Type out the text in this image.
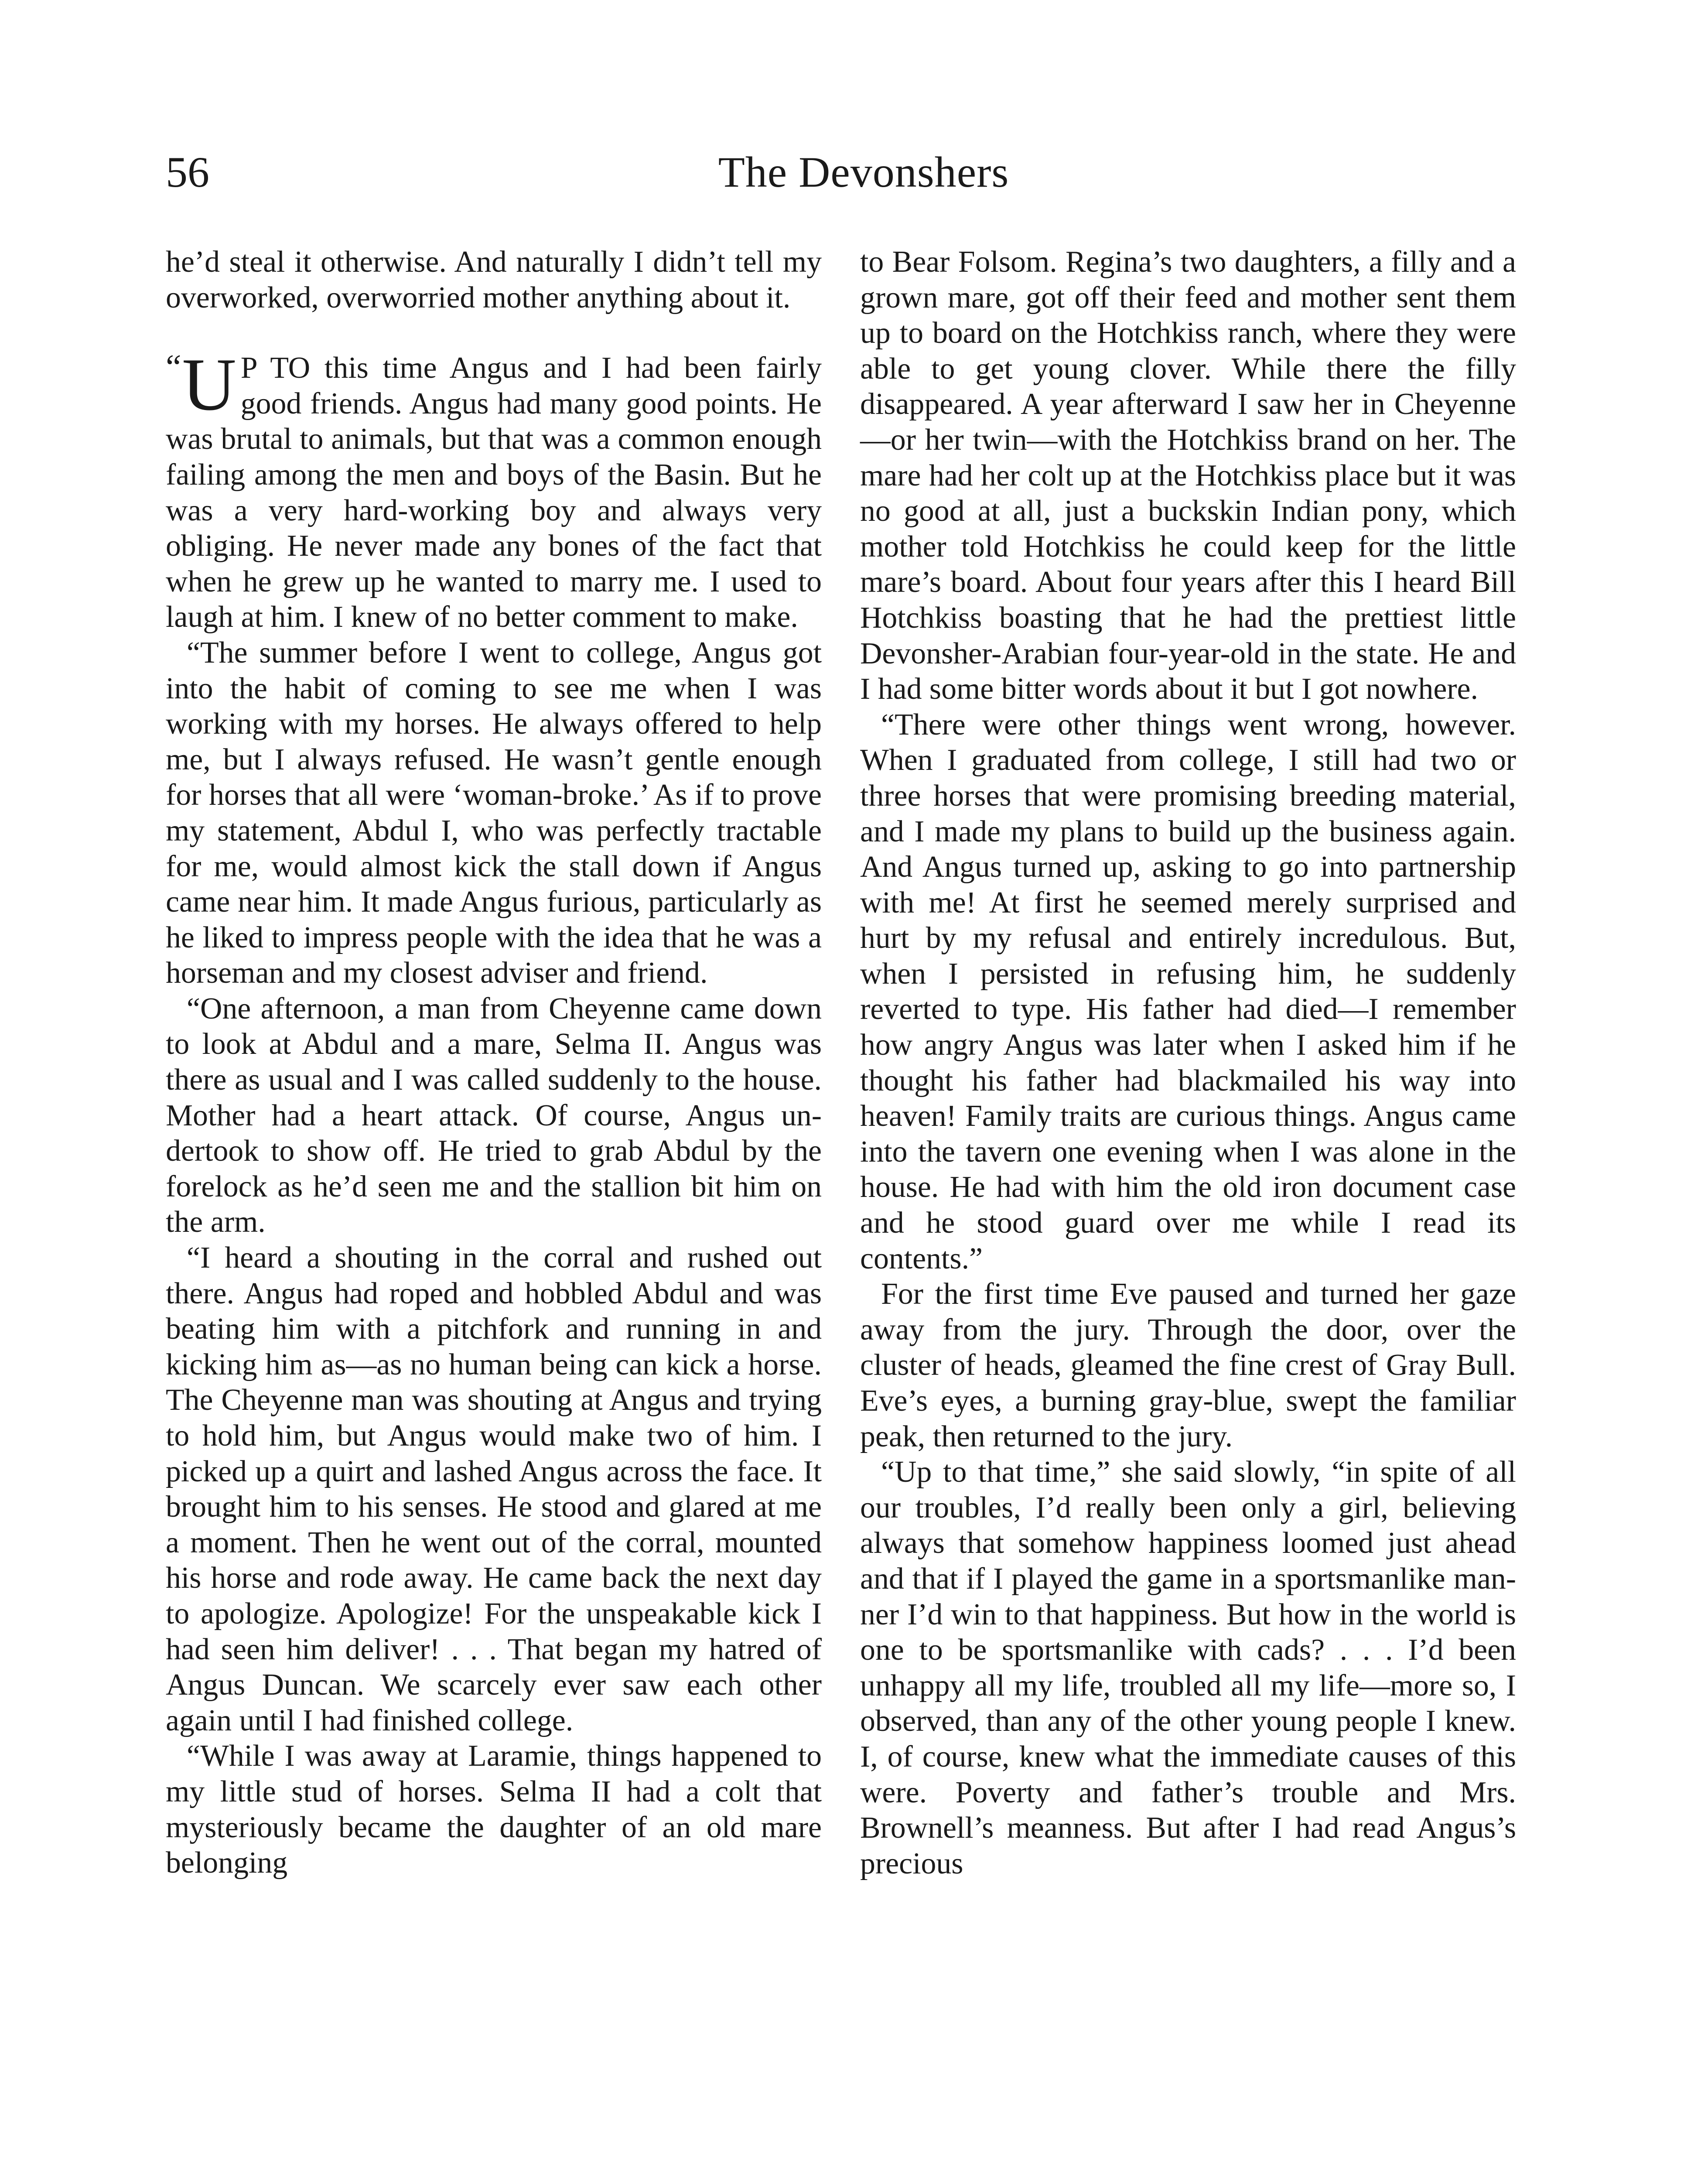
56	The Devonshers

he’d steal it otherwise. And naturally I didn’t tell my overworked, overworried mother anything about it.

“ U P TO this time Angus and I had been fairly good friends. Angus had many good points. He was brutal to animals, but that was a common enough failing among the men and boys of the Basin. But he was a very hard-working boy and always very obliging. He never made any bones of the fact that when he grew up he wanted to marry me. I used to laugh at him. I knew of no better comment to make.

“The summer before I went to college, Angus got into the habit of coming to see me when I was working with my horses. He always offered to help me, but I always refused. He wasn’t gentle enough for horses that all were ‘woman-broke.’ As if to prove my statement, Abdul I, who was perfectly tractable for me, would almost kick the stall down if Angus came near him. It made Angus furious, particularly as he liked to impress people with the idea that he was a horseman and my closest adviser and friend.

“One afternoon, a man from Cheyenne came down to look at Abdul and a mare, Selma II. Angus was there as usual and I was called suddenly to the house. Mother had a heart attack. Of course, Angus undertook to show off. He tried to grab Abdul by the forelock as he’d seen me and the stallion bit him on the arm.

“I heard a shouting in the corral and rushed out there. Angus had roped and hobbled Abdul and was beating him with a pitchfork and running in and kicking him as—as no human being can kick a horse. The Cheyenne man was shouting at Angus and trying to hold him, but Angus would make two of him. I picked up a quirt and lashed Angus across the face. It brought him to his senses. He stood and glared at me a moment. Then he went out of the corral, mounted his horse and rode away. He came back the next day to apologize. Apologize! For the unspeakable kick I had seen him deliver! . . . That began my hatred of Angus Duncan. We scarcely ever saw each other again until I had finished college.

“While I was away at Laramie, things happened to my little stud of horses. Selma II had a colt that mysteriously became the daughter of an old mare belonging

to Bear Folsom. Regina’s two daughters, a filly and a grown mare, got off their feed and mother sent them up to board on the Hotchkiss ranch, where they were able to get young clover. While there the filly disappeared. A year afterward I saw her in Cheyenne—or her twin—with the Hotchkiss brand on her. The mare had her colt up at the Hotchkiss place but it was no good at all, just a buckskin Indian pony, which mother told Hotchkiss he could keep for the little mare’s board. About four years after this I heard Bill Hotchkiss boasting that he had the prettiest little Devonsher-Arabian four-year-old in the state. He and I had some bitter words about it but I got nowhere.

“There were other things went wrong, however. When I graduated from college, I still had two or three horses that were promising breeding material, and I made my plans to build up the business again. And Angus turned up, asking to go into partnership with me! At first he seemed merely surprised and hurt by my refusal and entirely incredulous. But, when I persisted in refusing him, he suddenly reverted to type. His father had died—I remember how angry Angus was later when I asked him if he thought his father had blackmailed his way into heaven! Family traits are curious things. Angus came into the tavern one evening when I was alone in the house. He had with him the old iron document case and he stood guard over me while I read its contents.”

For the first time Eve paused and turned her gaze away from the jury. Through the door, over the cluster of heads, gleamed the fine crest of Gray Bull. Eve’s eyes, a burning gray-blue, swept the familiar peak, then returned to the jury.

“Up to that time,” she said slowly, “in spite of all our troubles, I’d really been only a girl, believing always that somehow happiness loomed just ahead and that if I played the game in a sportsmanlike manner I’d win to that happiness. But how in the world is one to be sportsmanlike with cads? . . . I’d been unhappy all my life, troubled all my life—more so, I observed, than any of the other young people I knew. I, of course, knew what the immediate causes of this were. Poverty and father’s trouble and Mrs. Brownell’s meanness. But after I had read Angus’s precious
